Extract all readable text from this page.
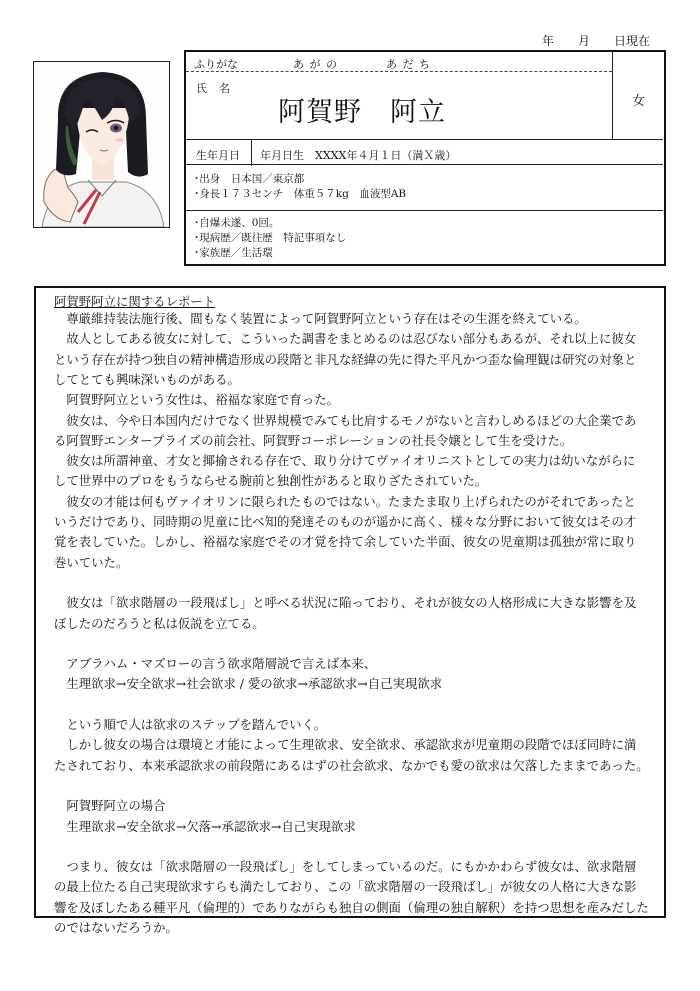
年　　月　　日現在
ふりがな	あ が の　　　　あ だ ち
氏名
阿賀野　阿立	女
生年月日 年月日生　XXXX年４月１日（満Ｘ歳）
･出身　日本国／東京都
･身長１７３センチ　体重５７kg　血液型AB
･自爆未遂、0回。
･現病歴／既往歴　特記事項なし
･家族歴／生活環
阿賀野阿立に関するレポート
　尊厳維持装法施行後、間もなく装置によって阿賀野阿立という存在はその生涯を終えている。
　故人としてある彼女に対して、こういった調書をまとめるのは忍びない部分もあるが、それ以上に彼女
という存在が持つ独自の精神構造形成の段階と非凡な経緯の先に得た平凡かつ歪な倫理観は研究の対象と
してとても興味深いものがある。
　阿賀野阿立という女性は、裕福な家庭で育った。
　彼女は、今や日本国内だけでなく世界規模でみても比肩するモノがないと言わしめるほどの大企業であ
る阿賀野エンタープライズの前会社、阿賀野コーポレーションの社長令嬢として生を受けた。
　彼女は所謂神童、才女と揶揄される存在で、取り分けてヴァイオリニストとしての実力は幼いながらに
して世界中のプロをもうならせる腕前と独創性があると取りざたされていた。
　彼女の才能は何もヴァイオリンに限られたものではない。たまたま取り上げられたのがそれであったと
いうだけであり、同時期の児童に比べ知的発達そのものが遥かに高く、様々な分野において彼女はその才
覚を表していた。しかし、裕福な家庭でその才覚を持て余していた半面、彼女の児童期は孤独が常に取り
巻いていた。
　彼女は「欲求階層の一段飛ばし」と呼べる状況に陥っており、それが彼女の人格形成に大きな影響を及
ぼしたのだろうと私は仮説を立てる。
　アブラハム・マズローの言う欲求階層説で言えば本来、
　生理欲求→安全欲求→社会欲求 / 愛の欲求→承認欲求→自己実現欲求
　という順で人は欲求のステップを踏んでいく。
　しかし彼女の場合は環境と才能によって生理欲求、安全欲求、承認欲求が児童期の段階でほぼ同時に満
たされており、本来承認欲求の前段階にあるはずの社会欲求、なかでも愛の欲求は欠落したままであった。
　阿賀野阿立の場合
　生理欲求→安全欲求→欠落→承認欲求→自己実現欲求
　つまり、彼女は「欲求階層の一段飛ばし」をしてしまっているのだ。にもかかわらず彼女は、欲求階層
の最上位たる自己実現欲求すらも満たしており、この「欲求階層の一段飛ばし」が彼女の人格に大きな影
響を及ぼしたある種平凡（倫理的）でありながらも独自の側面（倫理の独自解釈）を持つ思想を産みだした
のではないだろうか。
